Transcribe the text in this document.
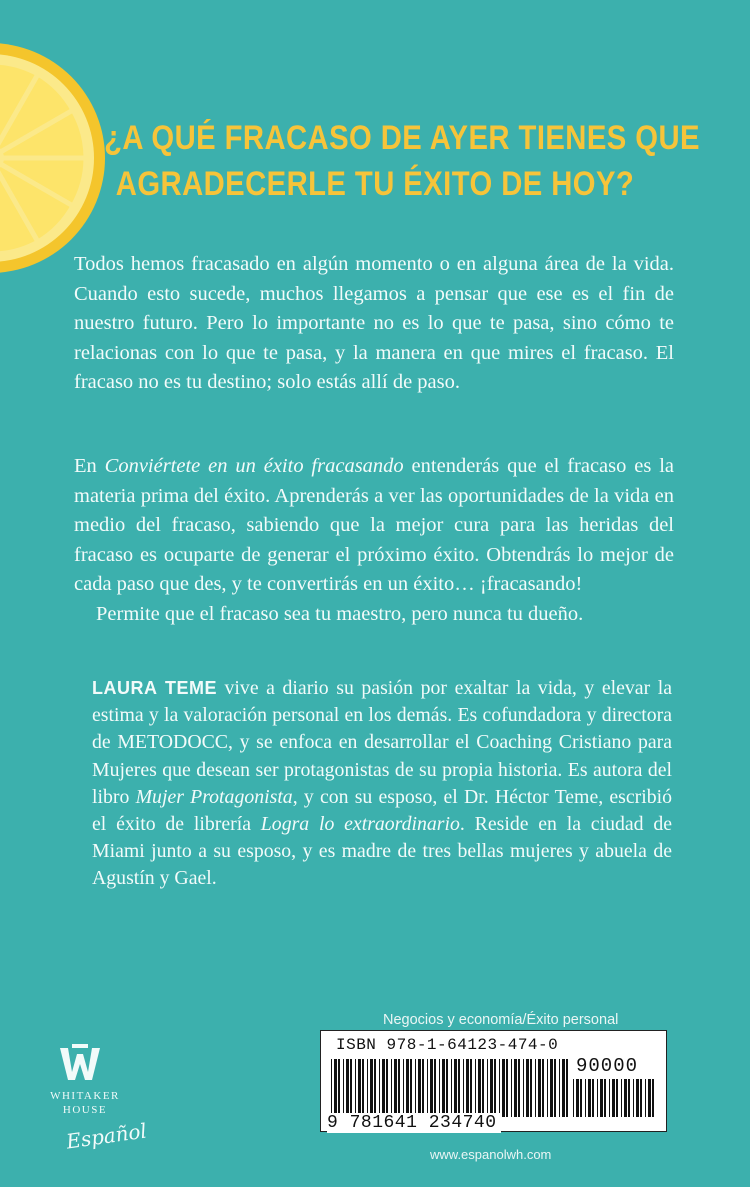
¿A QUÉ FRACASO DE AYER TIENES QUE
AGRADECERLE TU ÉXITO DE HOY?
Todos hemos fracasado en algún momento o en alguna área de la vida. Cuando esto sucede, muchos llegamos a pensar que ese es el fin de nuestro futuro. Pero lo importante no es lo que te pasa, sino cómo te relacionas con lo que te pasa, y la manera en que mires el fracaso. El fracaso no es tu destino; solo estás allí de paso.
En Conviértete en un éxito fracasando entenderás que el fracaso es la materia prima del éxito. Aprenderás a ver las oportunidades de la vida en medio del fracaso, sabiendo que la mejor cura para las heridas del fracaso es ocuparte de generar el próximo éxito. Obtendrás lo mejor de cada paso que des, y te convertirás en un éxito… ¡fracasando!
Permite que el fracaso sea tu maestro, pero nunca tu dueño.
LAURA TEME vive a diario su pasión por exaltar la vida, y elevar la estima y la valoración personal en los demás. Es cofundadora y directora de METODOCC, y se enfoca en desarrollar el Coaching Cristiano para Mujeres que desean ser protagonistas de su propia historia. Es autora del libro Mujer Protagonista, y con su esposo, el Dr. Héctor Teme, escribió el éxito de librería Logra lo extraordinario. Reside en la ciudad de Miami junto a su esposo, y es madre de tres bellas mujeres y abuela de Agustín y Gael.
WHITAKER
HOUSE
Español
Negocios y economía/Éxito personal
ISBN 978-1-64123-474-0
90000
9 781641 234740
www.espanolwh.com
